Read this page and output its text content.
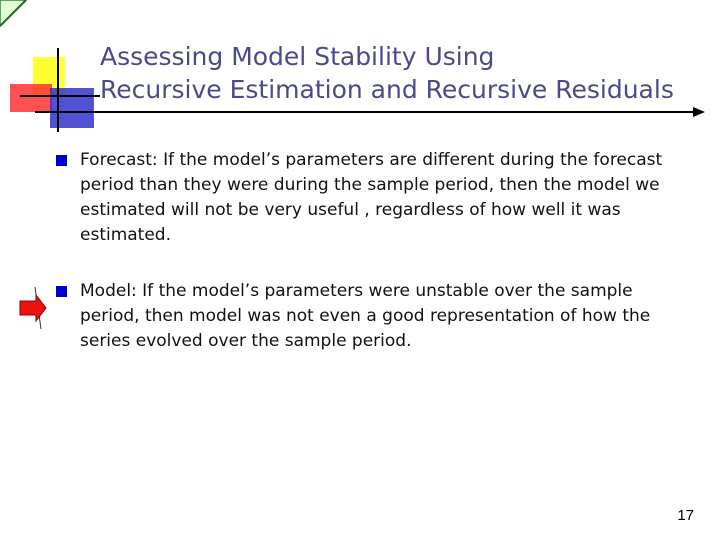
Assessing Model Stability Using
Recursive Estimation and Recursive Residuals
Forecast: If the model’s parameters are different during the forecast period than they were during the sample period, then the model we estimated will not be very useful , regardless of how well it was estimated.
Model: If the model’s parameters were unstable over the sample period, then model was not even a good representation of how the series evolved over the sample period.
17
